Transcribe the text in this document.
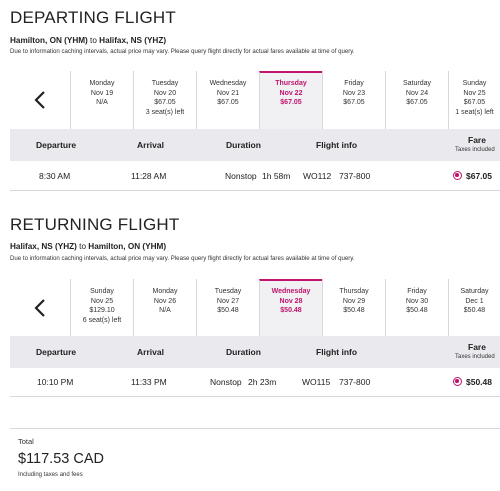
DEPARTING FLIGHT
Hamilton, ON (YHM) to Halifax, NS (YHZ)
Due to information caching intervals, actual price may vary. Please query flight directly for actual fares available at time of query.
Monday
Nov 19
N/A
Tuesday
Nov 20
$67.05
3 seat(s) left
Wednesday
Nov 21
$67.05
Thursday
Nov 22
$67.05
Friday
Nov 23
$67.05
Saturday
Nov 24
$67.05
Sunday
Nov 25
$67.05
1 seat(s) left
Departure	Arrival	Duration	Flight info	Fare
Taxes included
8:30 AM	11:28 AM	Nonstop 1h 58m WO112 737-800	$67.05
RETURNING FLIGHT
Halifax, NS (YHZ) to Hamilton, ON (YHM)
Due to information caching intervals, actual price may vary. Please query flight directly for actual fares available at time of query.
Sunday
Nov 25
$129.10
6 seat(s) left
Monday
Nov 26
N/A
Tuesday
Nov 27
$50.48
Wednesday
Nov 28
$50.48
Thursday
Nov 29
$50.48
Friday
Nov 30
$50.48
Saturday
Dec 1
$50.48
Departure	Arrival	Duration	Flight info	Fare
Taxes included
10:10 PM	11:33 PM	Nonstop 2h 23m	WO115 737-800	$50.48
Total
$117.53 CAD
Including taxes and fees
